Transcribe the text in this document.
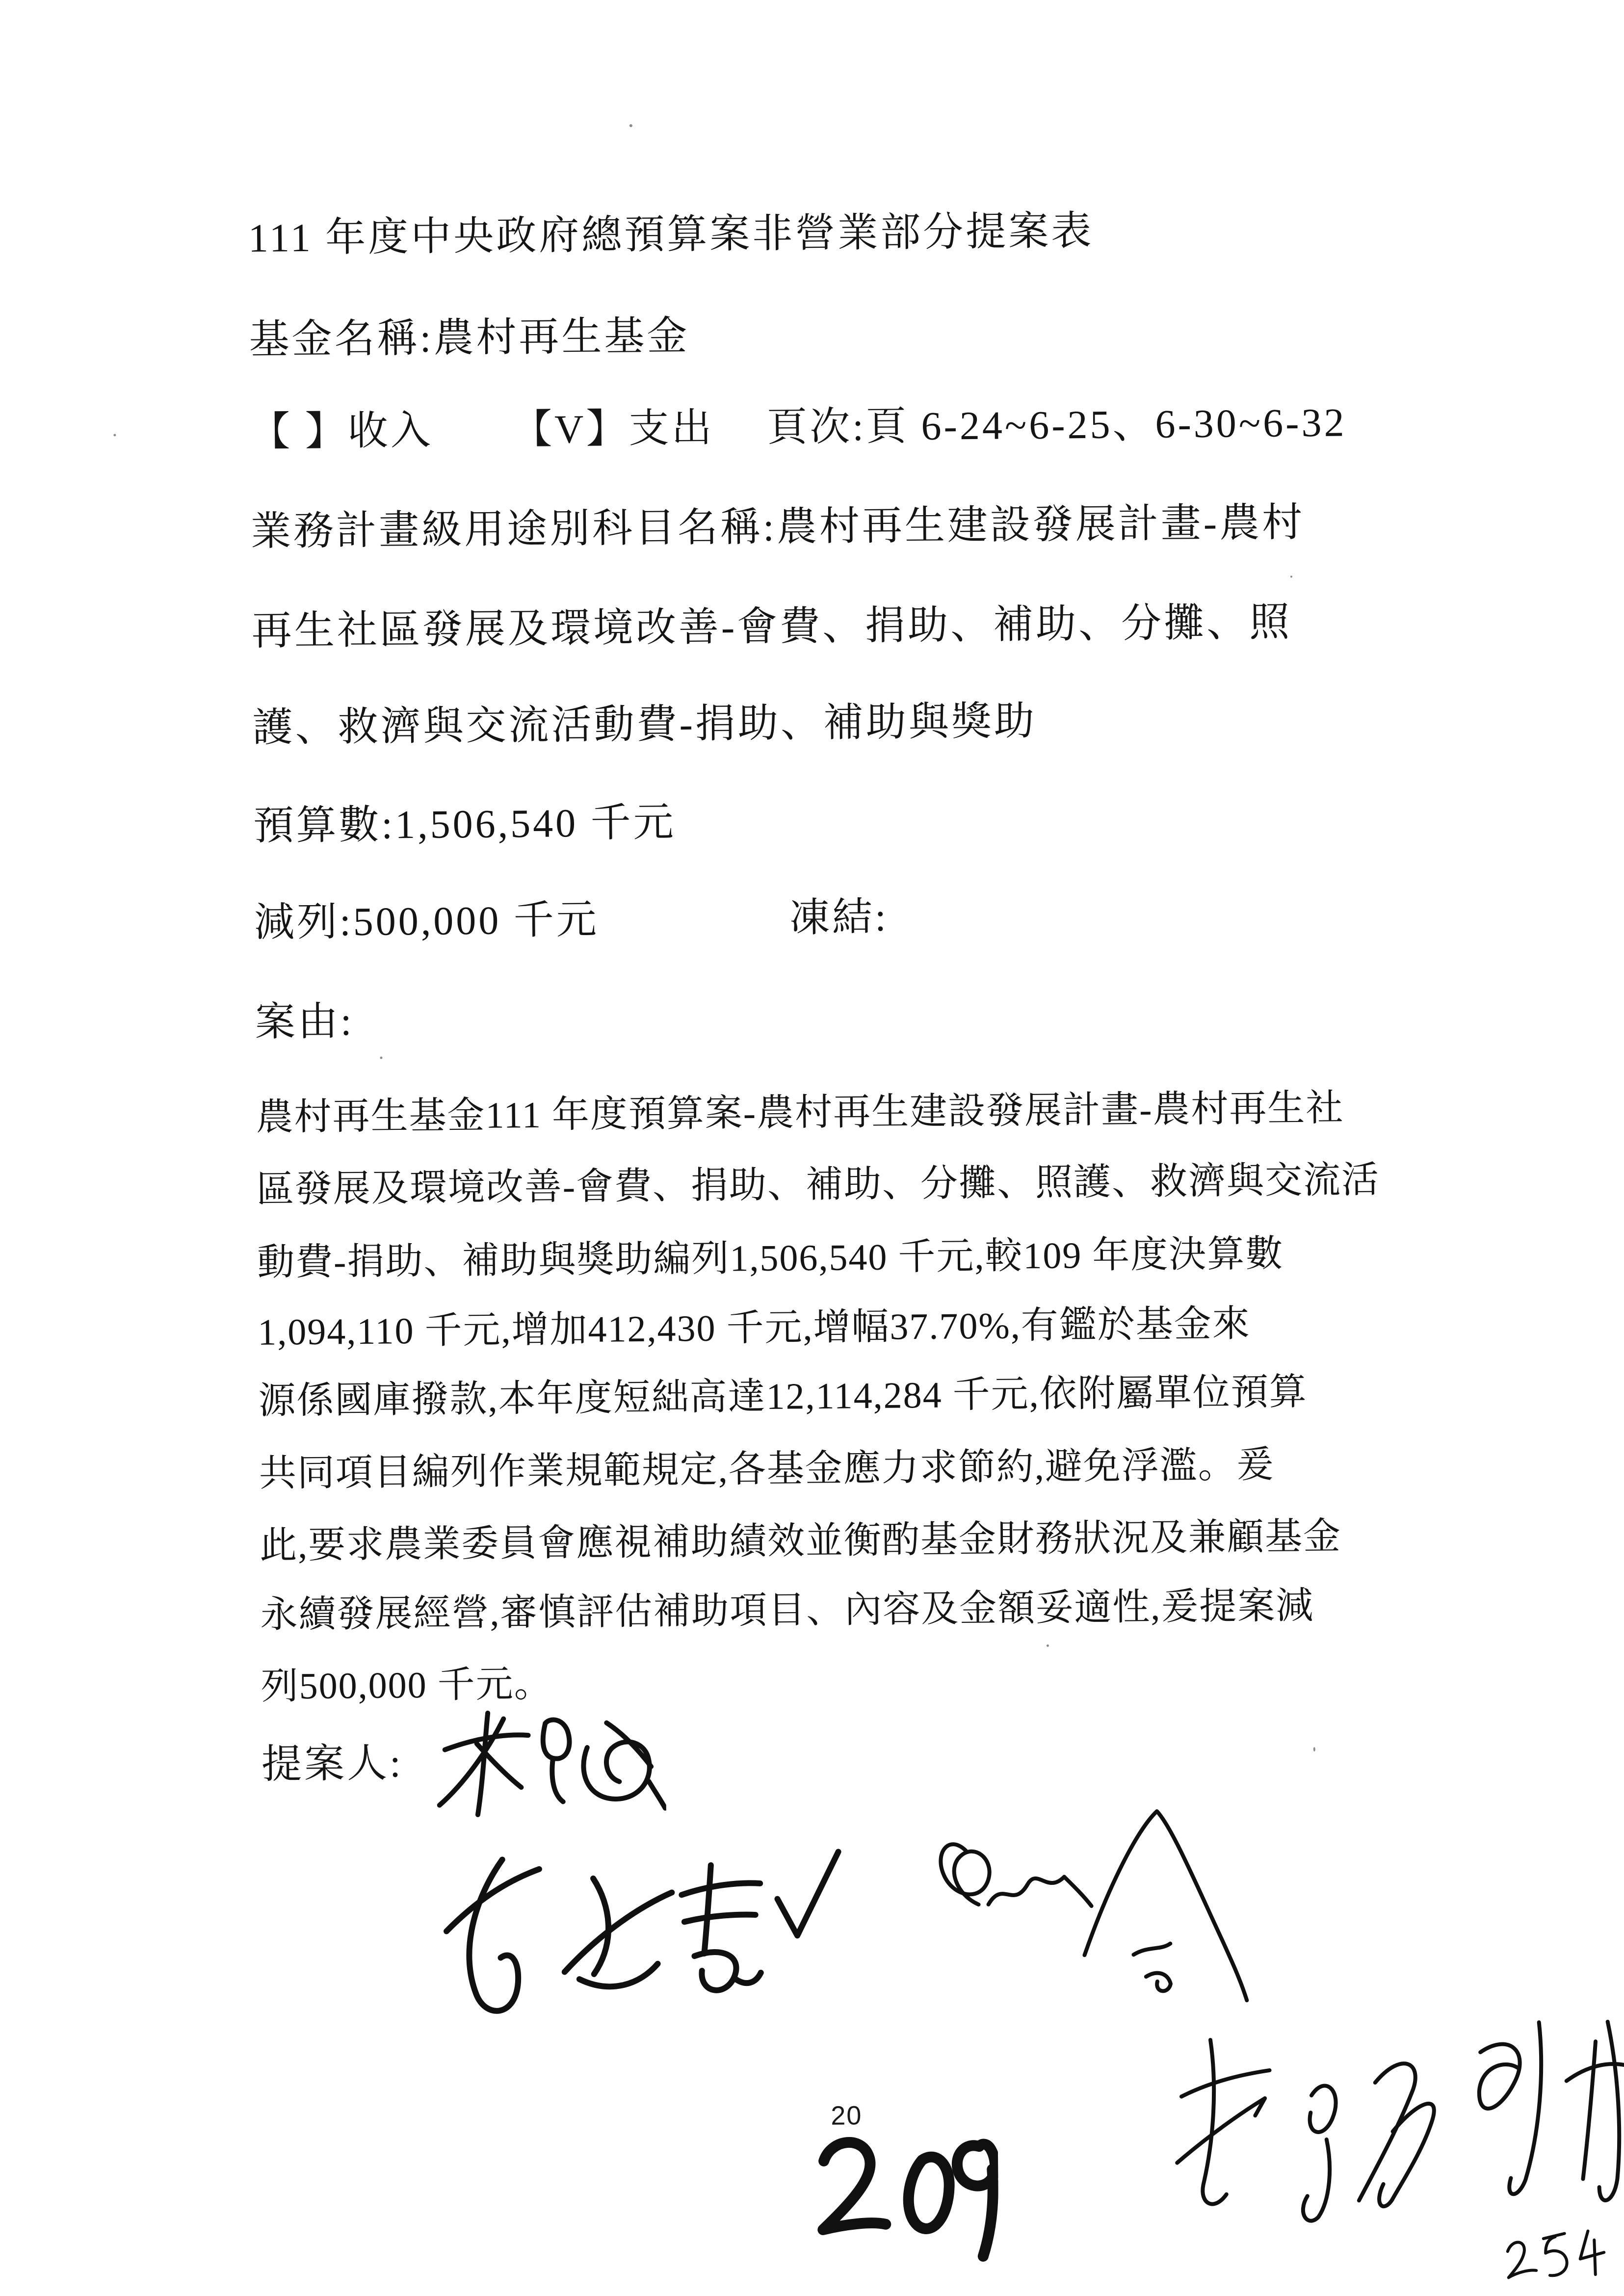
111 年度中央政府總預算案非營業部分提案表
基金名稱:農村再生基金
【 】收入 【V】支出 頁次:頁 6-24~6-25、6-30~6-32
業務計畫級用途別科目名稱:農村再生建設發展計畫-農村
再生社區發展及環境改善-會費、捐助、補助、分攤、照
護、救濟與交流活動費-捐助、補助與獎助
預算數:1,506,540 千元
減列:500,000 千元	凍結:
案由:
農村再生基金111 年度預算案-農村再生建設發展計畫-農村再生社
區發展及環境改善-會費、捐助、補助、分攤、照護、救濟與交流活
動費-捐助、補助與獎助編列1,506,540 千元,較109 年度決算數
1,094,110 千元,增加412,430 千元,增幅37.70%,有鑑於基金來
源係國庫撥款,本年度短絀高達12,114,284 千元,依附屬單位預算
共同項目編列作業規範規定,各基金應力求節約,避免浮濫。爰
此,要求農業委員會應視補助績效並衡酌基金財務狀況及兼顧基金
永續發展經營,審慎評估補助項目、內容及金額妥適性,爰提案減
列500,000 千元。
提案人:
20
